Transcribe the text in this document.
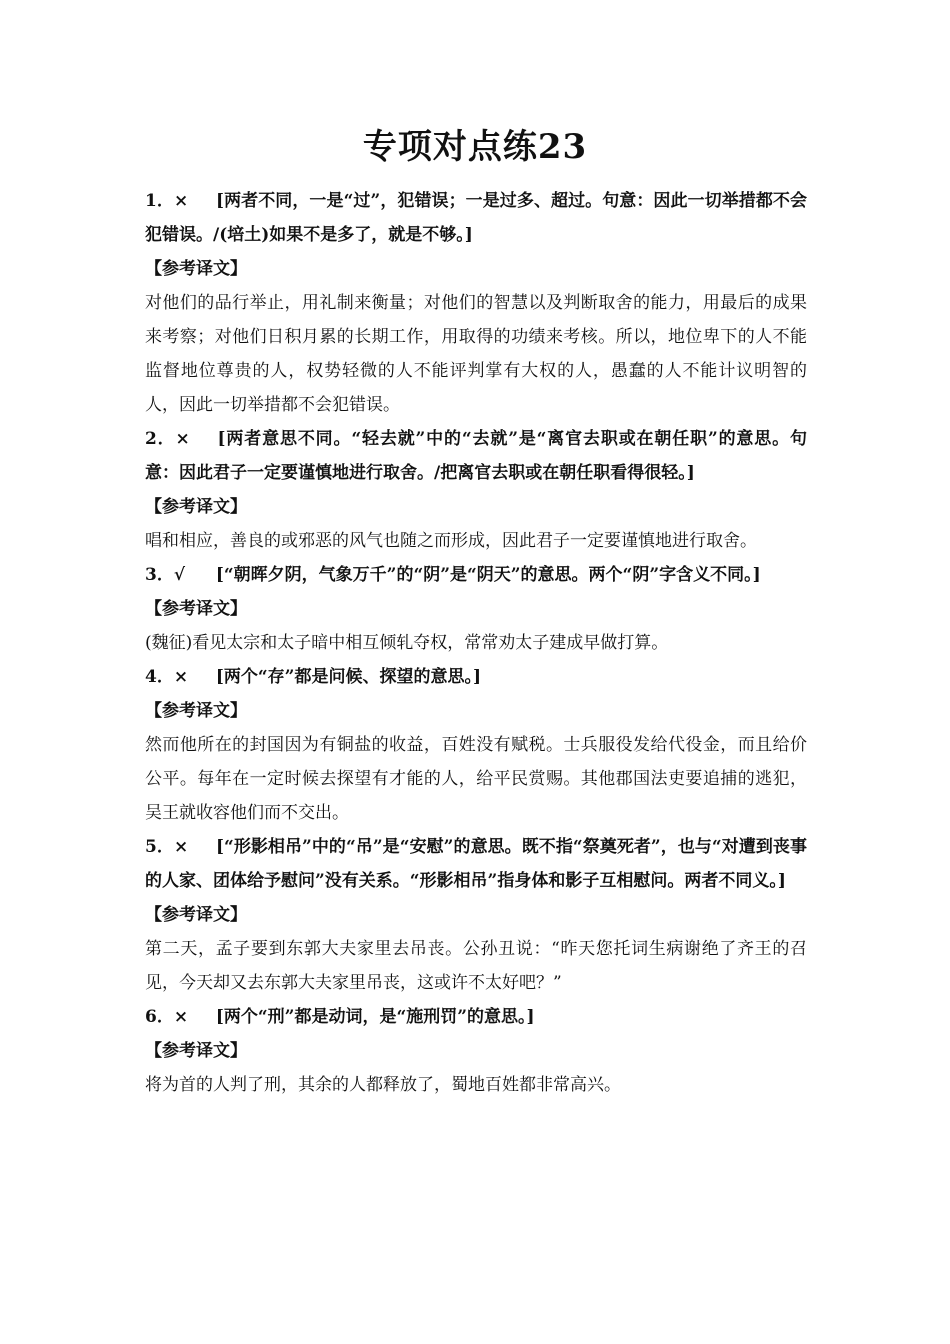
专项对点练23
1．× [两者不同，一是“过”，犯错误；一是过多、超过。句意：因此一切举措都不会犯错误。/(培土)如果不是多了，就是不够。]
【参考译文】
对他们的品行举止，用礼制来衡量；对他们的智慧以及判断取舍的能力，用最后的成果来考察；对他们日积月累的长期工作，用取得的功绩来考核。所以，地位卑下的人不能监督地位尊贵的人，权势轻微的人不能评判掌有大权的人，愚蠢的人不能计议明智的人，因此一切举措都不会犯错误。
2．× [两者意思不同。“轻去就”中的“去就”是“离官去职或在朝任职”的意思。句意：因此君子一定要谨慎地进行取舍。/把离官去职或在朝任职看得很轻。]
【参考译文】
唱和相应，善良的或邪恶的风气也随之而形成，因此君子一定要谨慎地进行取舍。
3．√ [“朝晖夕阴，气象万千”的“阴”是“阴天”的意思。两个“阴”字含义不同。]
【参考译文】
(魏征)看见太宗和太子暗中相互倾轧夺权，常常劝太子建成早做打算。
4．× [两个“存”都是问候、探望的意思。]
【参考译文】
然而他所在的封国因为有铜盐的收益，百姓没有赋税。士兵服役发给代役金，而且给价公平。每年在一定时候去探望有才能的人，给平民赏赐。其他郡国法吏要追捕的逃犯，吴王就收容他们而不交出。
5．× [“形影相吊”中的“吊”是“安慰”的意思。既不指“祭奠死者”，也与“对遭到丧事的人家、团体给予慰问”没有关系。“形影相吊”指身体和影子互相慰问。两者不同义。]
【参考译文】
第二天，孟子要到东郭大夫家里去吊丧。公孙丑说：“昨天您托词生病谢绝了齐王的召见，今天却又去东郭大夫家里吊丧，这或许不太好吧？”
6．× [两个“刑”都是动词，是“施刑罚”的意思。]
【参考译文】
将为首的人判了刑，其余的人都释放了，蜀地百姓都非常高兴。
